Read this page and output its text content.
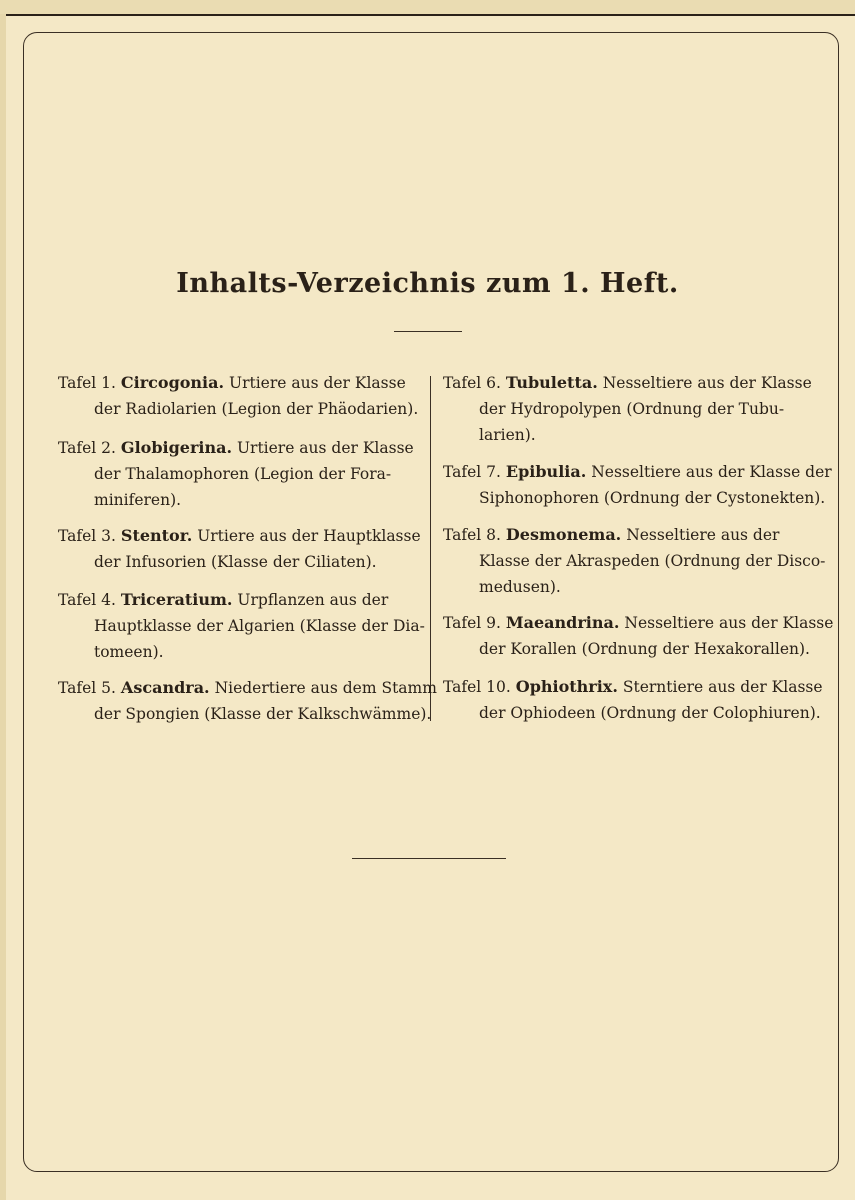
Inhalts-Verzeichnis zum 1. Heft.
Tafel 1. Circogonia. Urtiere aus der Klasse
der Radiolarien (Legion der Phäodarien).
Tafel 2. Globigerina. Urtiere aus der Klasse
der Thalamophoren (Legion der Fora-
miniferen).
Tafel 3. Stentor. Urtiere aus der Hauptklasse
der Infusorien (Klasse der Ciliaten).
Tafel 4. Triceratium. Urpflanzen aus der
Hauptklasse der Algarien (Klasse der Dia-
tomeen).
Tafel 5. Ascandra. Niedertiere aus dem Stamm
der Spongien (Klasse der Kalkschwämme).
Tafel 6. Tubuletta. Nesseltiere aus der Klasse
der Hydropolypen (Ordnung der Tubu-
larien).
Tafel 7. Epibulia. Nesseltiere aus der Klasse der
Siphonophoren (Ordnung der Cystonekten).
Tafel 8. Desmonema. Nesseltiere aus der
Klasse der Akraspeden (Ordnung der Disco-
medusen).
Tafel 9. Maeandrina. Nesseltiere aus der Klasse
der Korallen (Ordnung der Hexakorallen).
Tafel 10. Ophiothrix. Sterntiere aus der Klasse
der Ophiodeen (Ordnung der Colophiuren).
